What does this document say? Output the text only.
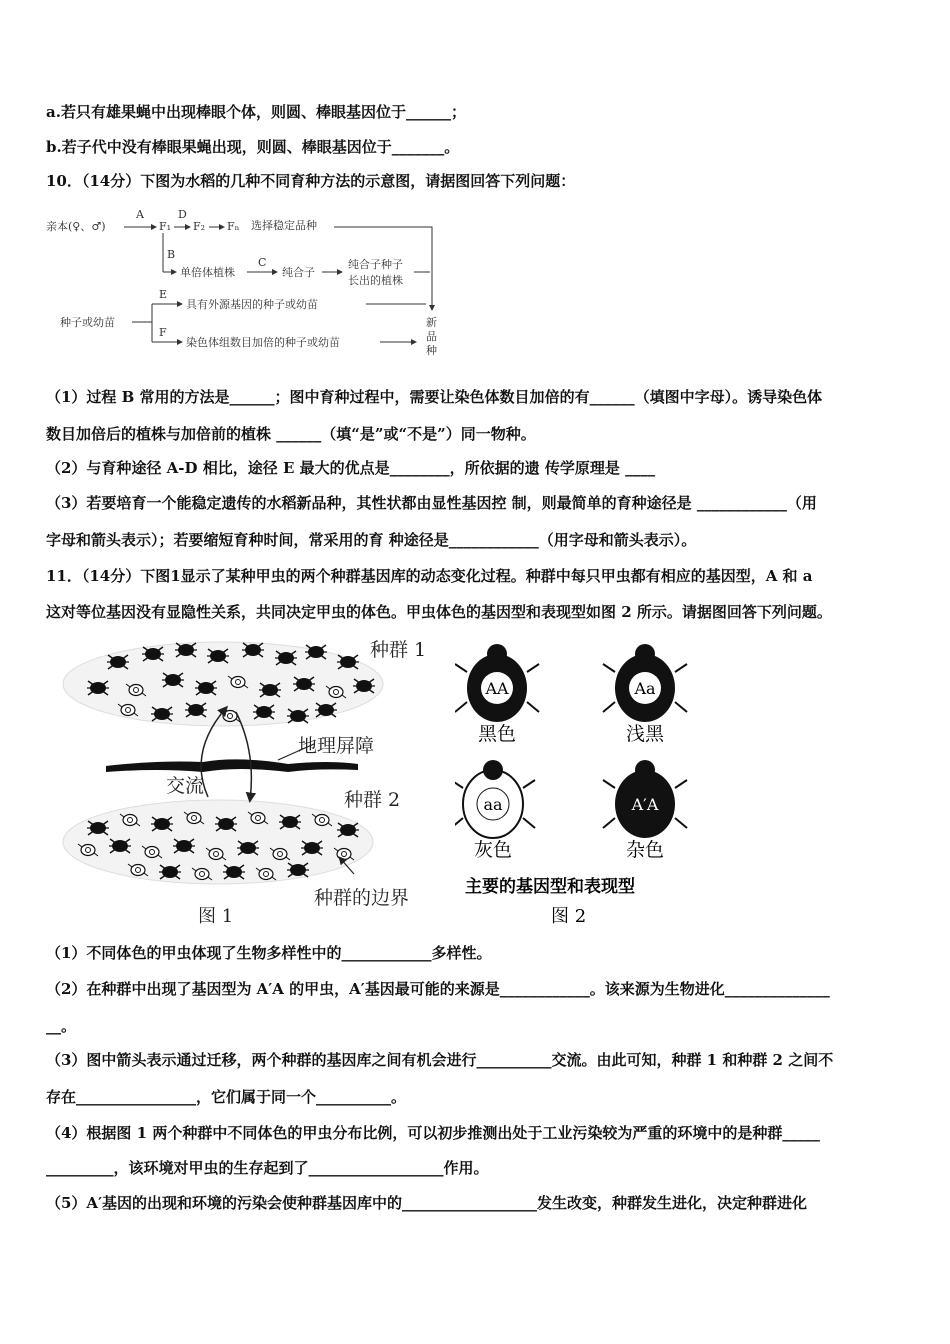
a.若只有雄果蝇中出现棒眼个体，则圆、棒眼基因位于______；
b.若子代中没有棒眼果蝇出现，则圆、棒眼基因位于_______。
10．（14分）下图为水稻的几种不同育种方法的示意图，请据图回答下列问题：
亲本(♀、♂)
A
F₁
D
F₂ Fₙ 选择稳定品种
B
单倍体植株
C
纯合子
纯合子种子
长出的植株
种子或幼苗
E
F
具有外源基因的种子或幼苗
染色体组数目加倍的种子或幼苗
新
品
种
（1）过程 B 常用的方法是______；图中育种过程中，需要让染色体数目加倍的有______（填图中字母）。诱导染色体
数目加倍后的植株与加倍前的植株 ______（填“是”或“不是”）同一物种。
（2）与育种途径 A-D 相比，途径 E 最大的优点是________，所依据的遗 传学原理是 ____
（3）若要培育一个能稳定遗传的水稻新品种，其性状都由显性基因控 制，则最简单的育种途径是 ____________（用
字母和箭头表示）；若要缩短育种时间，常采用的育 种途径是____________（用字母和箭头表示）。
11．（14分）下图1显示了某种甲虫的两个种群基因库的动态变化过程。种群中每只甲虫都有相应的基因型，A 和 a
这对等位基因没有显隐性关系，共同决定甲虫的体色。甲虫体色的基因型和表现型如图 2 所示。请据图回答下列问题。
种群 1
地理屏障
交流
种群 2
种群的边界
图 1
AA
黑色
Aa
浅黑
aa
灰色
A′A
杂色
主要的基因型和表现型
图 2
（1）不同体色的甲虫体现了生物多样性中的____________多样性。
（2）在种群中出现了基因型为 A′A 的甲虫，A′基因最可能的来源是____________。该来源为生物进化______________
__。
（3）图中箭头表示通过迁移，两个种群的基因库之间有机会进行__________交流。由此可知，种群 1 和种群 2 之间不
存在________________，它们属于同一个__________。
（4）根据图 1 两个种群中不同体色的甲虫分布比例，可以初步推测出处于工业污染较为严重的环境中的是种群_____
_________，该环境对甲虫的生存起到了__________________作用。
（5）A′基因的出现和环境的污染会使种群基因库中的__________________发生改变，种群发生进化，决定种群进化
